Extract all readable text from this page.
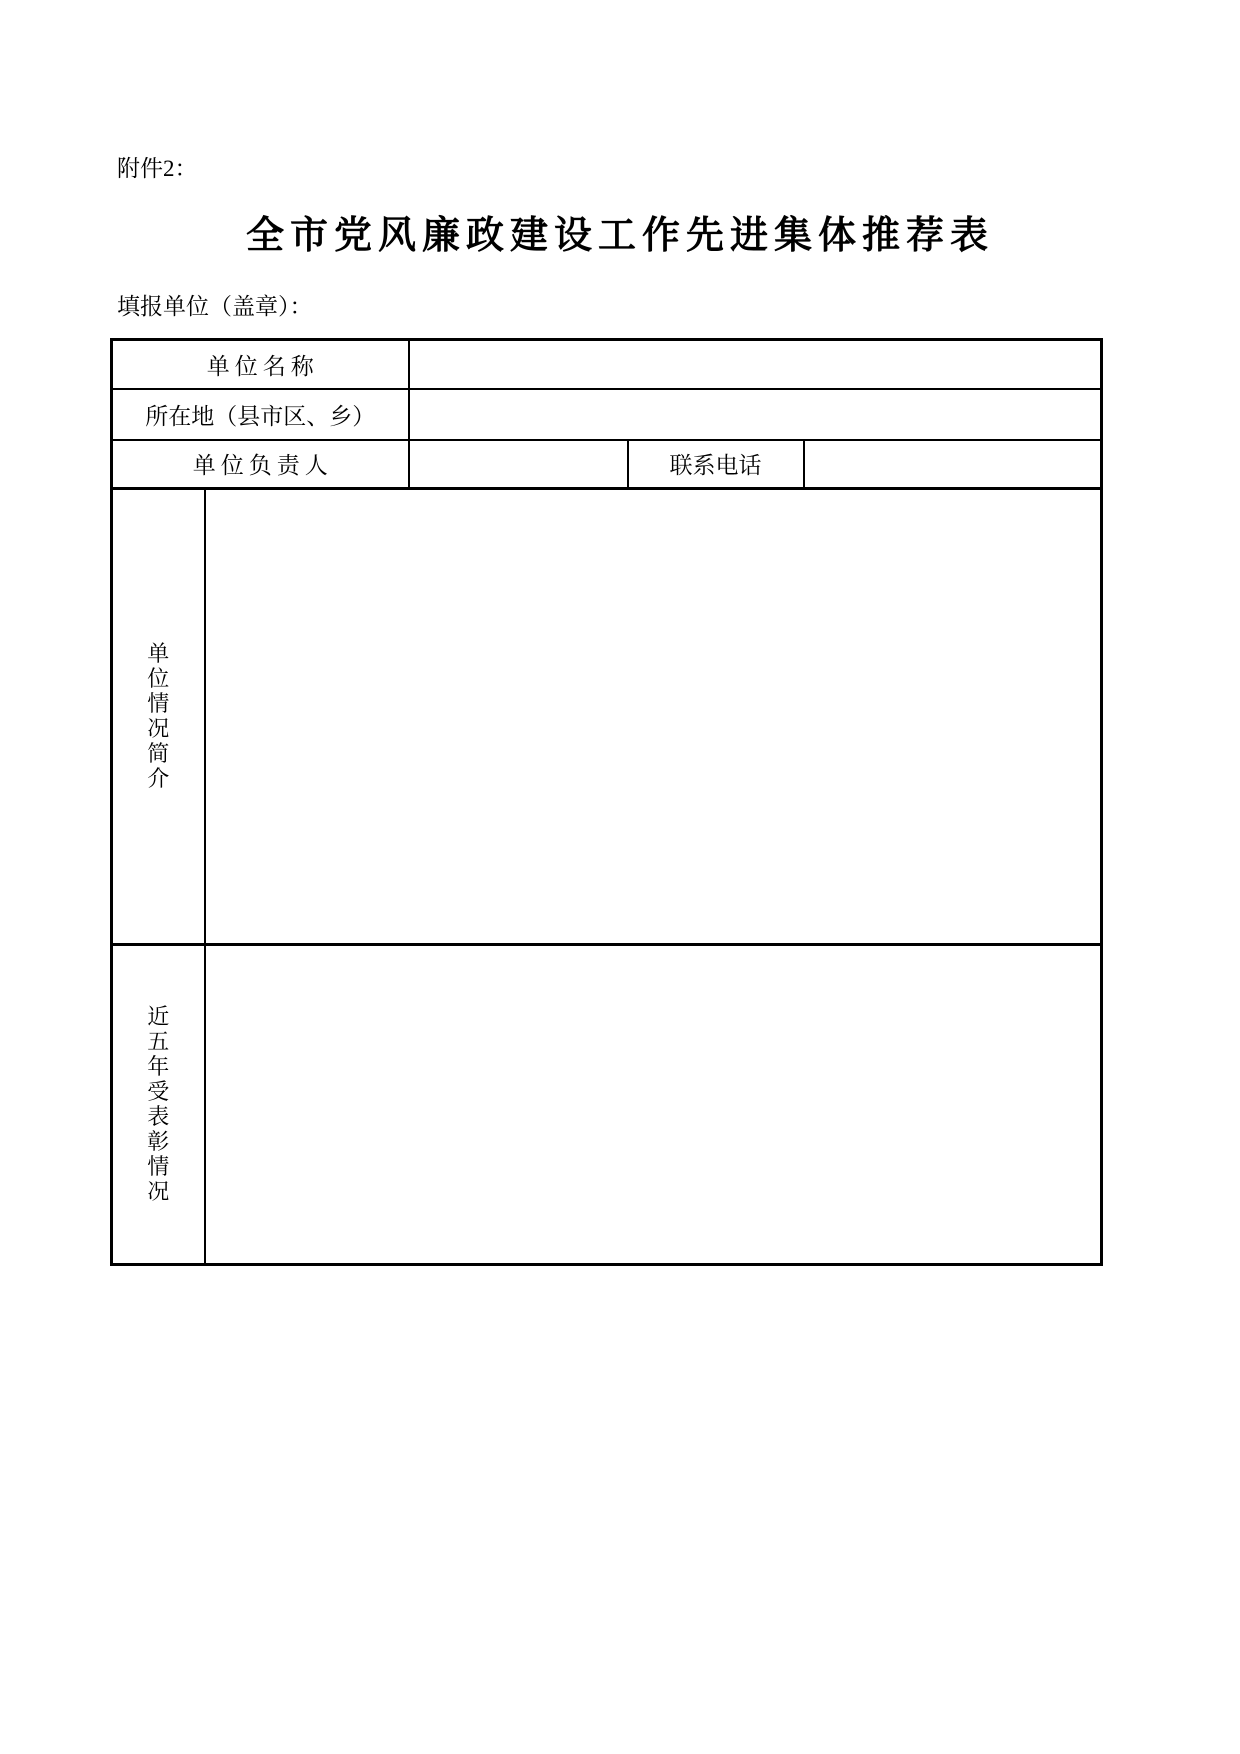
附件2：
全市党风廉政建设工作先进集体推荐表
填报单位（盖章）：
单位名称				
所在地（县市区、乡）				
单位负责人			联系电话	
单位情况简介				
近五年受表彰情况				
